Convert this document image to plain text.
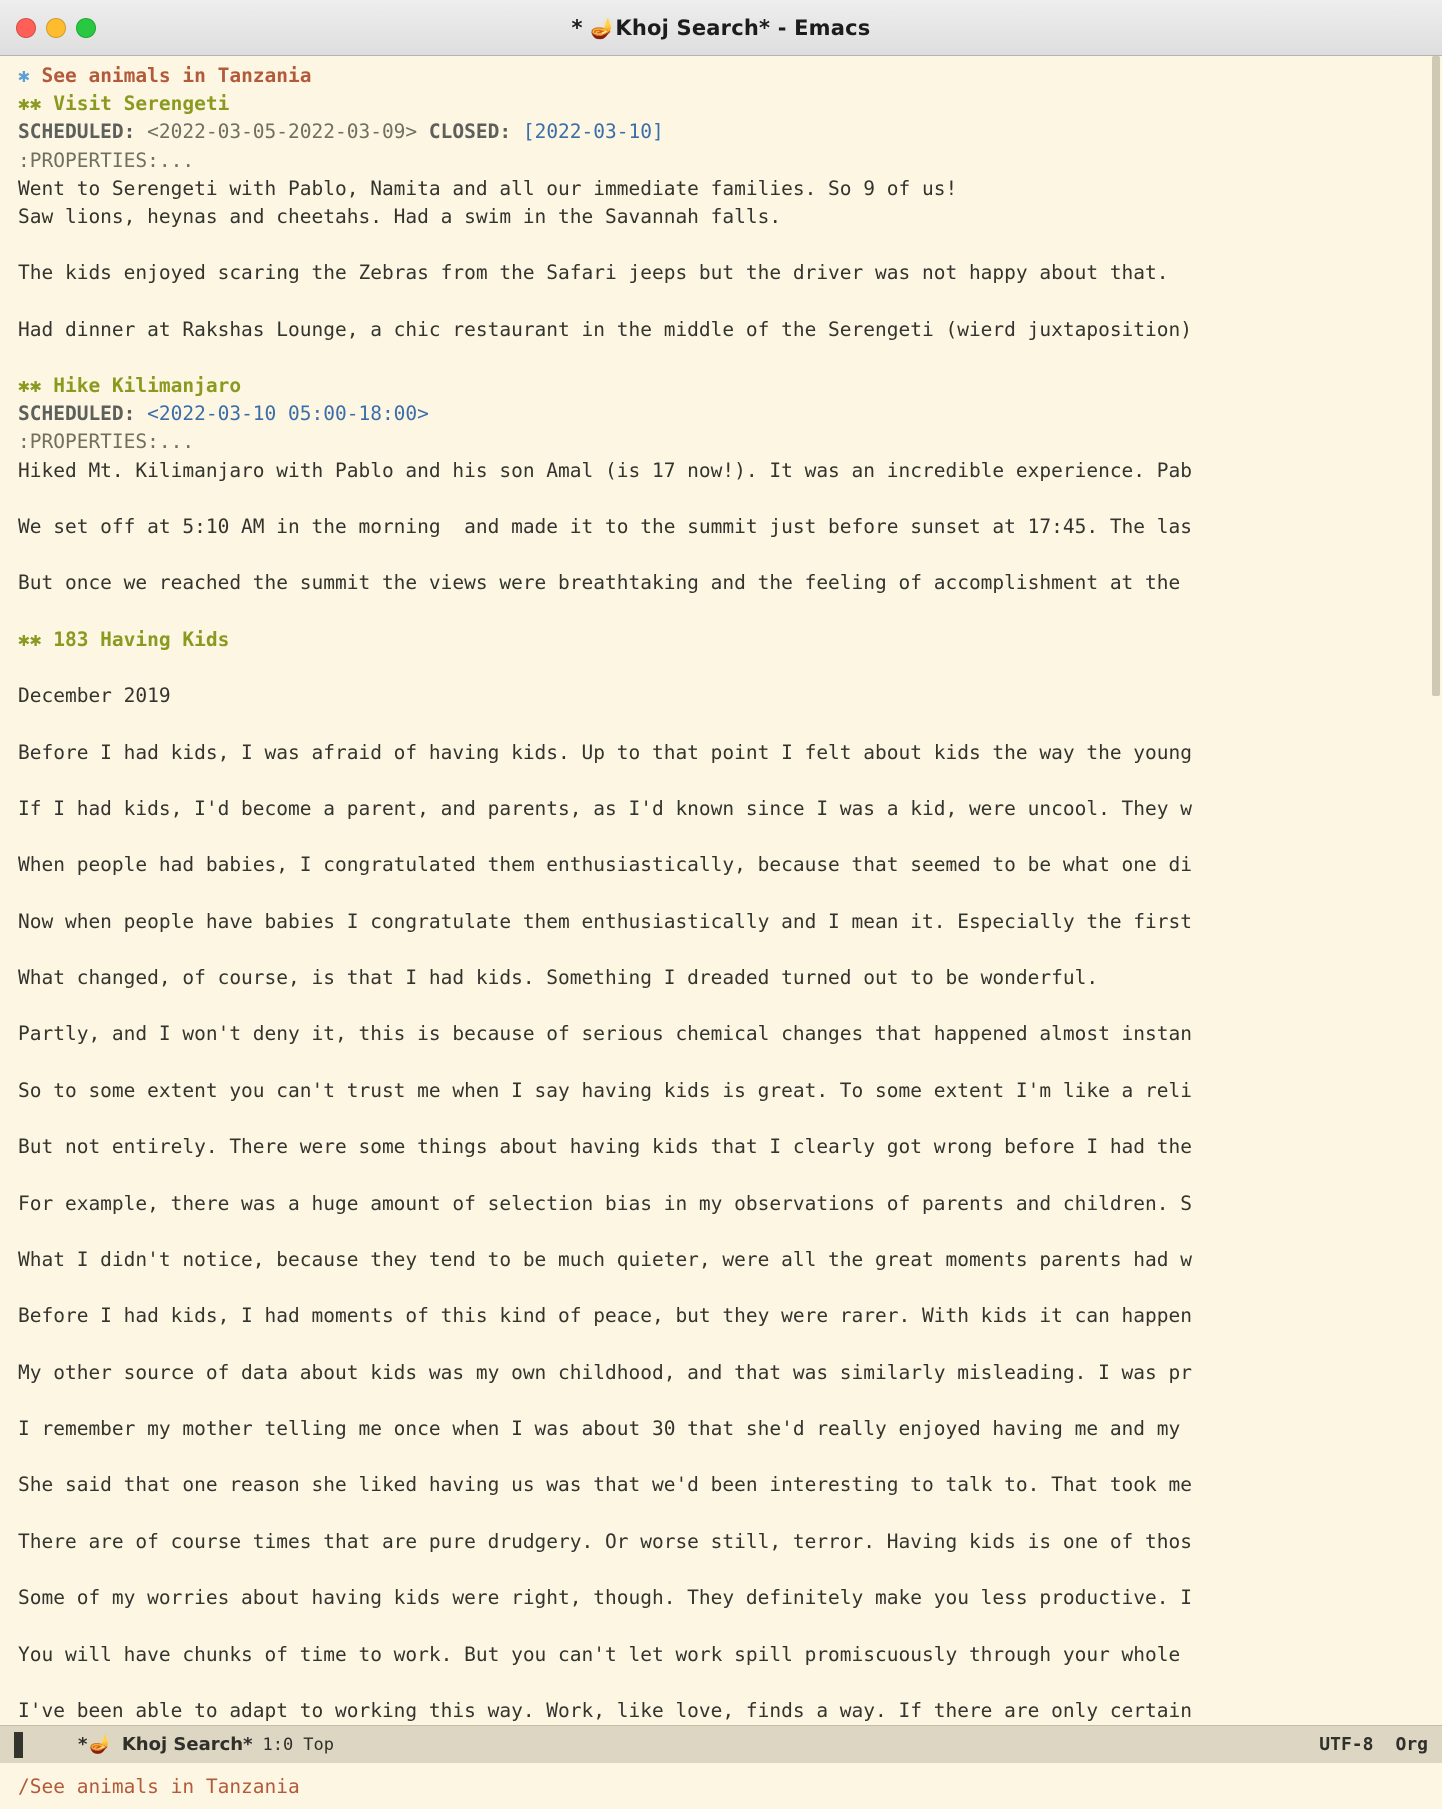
* 🪔Khoj Search* - Emacs
✱ See animals in Tanzania
✱✱ Visit Serengeti
SCHEDULED: <2022-03-05-2022-03-09> CLOSED: [2022-03-10]
:PROPERTIES:...
Went to Serengeti with Pablo, Namita and all our immediate families. So 9 of us!
Saw lions, heynas and cheetahs. Had a swim in the Savannah falls.
The kids enjoyed scaring the Zebras from the Safari jeeps but the driver was not happy about that.
Had dinner at Rakshas Lounge, a chic restaurant in the middle of the Serengeti (wierd juxtaposition)
✱✱ Hike Kilimanjaro
SCHEDULED: <2022-03-10 05:00-18:00>
:PROPERTIES:...
Hiked Mt. Kilimanjaro with Pablo and his son Amal (is 17 now!). It was an incredible experience. Pab
We set off at 5:10 AM in the morning  and made it to the summit just before sunset at 17:45. The las
But once we reached the summit the views were breathtaking and the feeling of accomplishment at the
✱✱ 183 Having Kids
December 2019
Before I had kids, I was afraid of having kids. Up to that point I felt about kids the way the young
If I had kids, I'd become a parent, and parents, as I'd known since I was a kid, were uncool. They w
When people had babies, I congratulated them enthusiastically, because that seemed to be what one di
Now when people have babies I congratulate them enthusiastically and I mean it. Especially the first
What changed, of course, is that I had kids. Something I dreaded turned out to be wonderful.
Partly, and I won't deny it, this is because of serious chemical changes that happened almost instan
So to some extent you can't trust me when I say having kids is great. To some extent I'm like a reli
But not entirely. There were some things about having kids that I clearly got wrong before I had the
For example, there was a huge amount of selection bias in my observations of parents and children. S
What I didn't notice, because they tend to be much quieter, were all the great moments parents had w
Before I had kids, I had moments of this kind of peace, but they were rarer. With kids it can happen
My other source of data about kids was my own childhood, and that was similarly misleading. I was pr
I remember my mother telling me once when I was about 30 that she'd really enjoyed having me and my
She said that one reason she liked having us was that we'd been interesting to talk to. That took me
There are of course times that are pure drudgery. Or worse still, terror. Having kids is one of thos
Some of my worries about having kids were right, though. They definitely make you less productive. I
You will have chunks of time to work. But you can't let work spill promiscuously through your whole
I've been able to adapt to working this way. Work, like love, finds a way. If there are only certain
* 🪔 Khoj Search* 1:0 Top	UTF-8 Org
/See animals in Tanzania
